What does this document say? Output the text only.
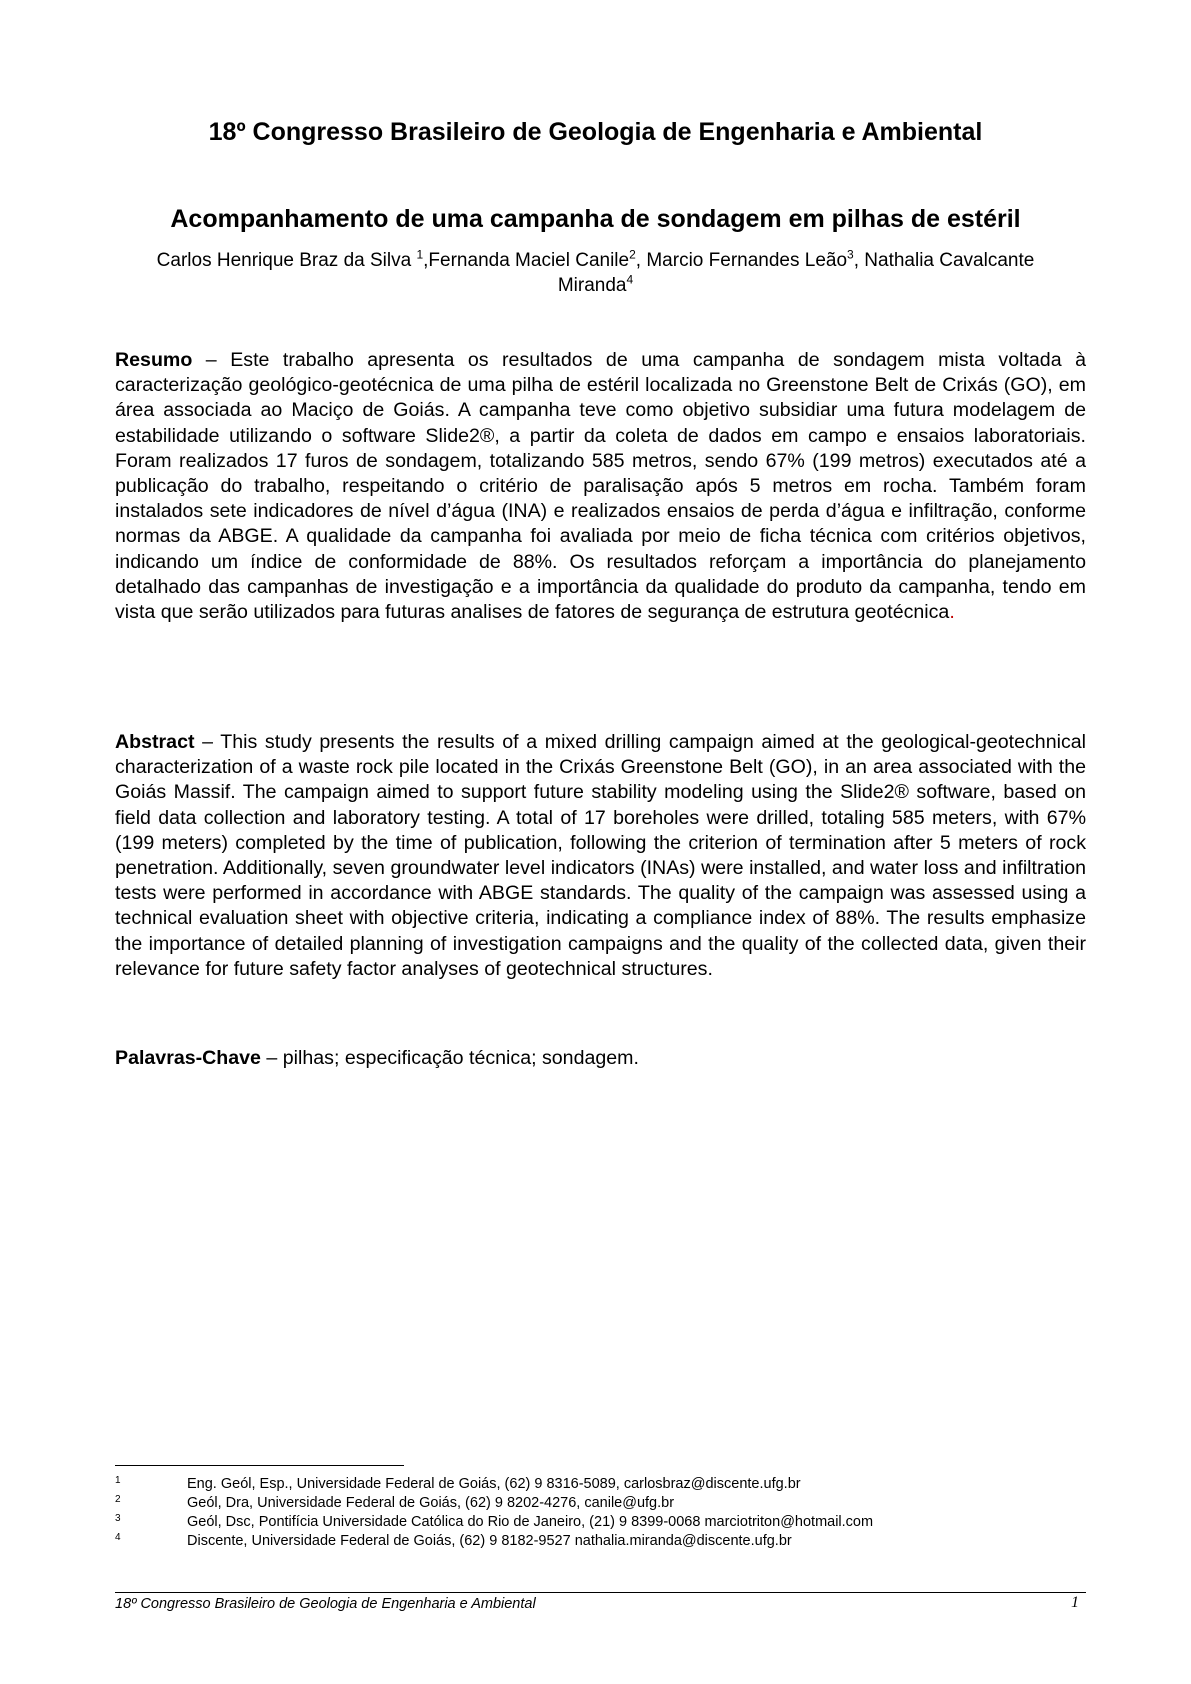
18º Congresso Brasileiro de Geologia de Engenharia e Ambiental
Acompanhamento de uma campanha de sondagem em pilhas de estéril
Carlos Henrique Braz da Silva $^1$,Fernanda Maciel Canile$^2$, Marcio Fernandes Leão$^3$, Nathalia Cavalcante Miranda$^4$
Resumo – Este trabalho apresenta os resultados de uma campanha de sondagem mista voltada à caracterização geológico-geotécnica de uma pilha de estéril localizada no Greenstone Belt de Crixás (GO), em área associada ao Maciço de Goiás. A campanha teve como objetivo subsidiar uma futura modelagem de estabilidade utilizando o software Slide2®, a partir da coleta de dados em campo e ensaios laboratoriais. Foram realizados 17 furos de sondagem, totalizando 585 metros, sendo 67% (199 metros) executados até a publicação do trabalho, respeitando o critério de paralisação após 5 metros em rocha. Também foram instalados sete indicadores de nível d’água (INA) e realizados ensaios de perda d’água e infiltração, conforme normas da ABGE. A qualidade da campanha foi avaliada por meio de ficha técnica com critérios objetivos, indicando um índice de conformidade de 88%. Os resultados reforçam a importância do planejamento detalhado das campanhas de investigação e a importância da qualidade do produto da campanha, tendo em vista que serão utilizados para futuras analises de fatores de segurança de estrutura geotécnica.
Abstract – This study presents the results of a mixed drilling campaign aimed at the geological-geotechnical characterization of a waste rock pile located in the Crixás Greenstone Belt (GO), in an area associated with the Goiás Massif. The campaign aimed to support future stability modeling using the Slide2® software, based on field data collection and laboratory testing. A total of 17 boreholes were drilled, totaling 585 meters, with 67% (199 meters) completed by the time of publication, following the criterion of termination after 5 meters of rock penetration. Additionally, seven groundwater level indicators (INAs) were installed, and water loss and infiltration tests were performed in accordance with ABGE standards. The quality of the campaign was assessed using a technical evaluation sheet with objective criteria, indicating a compliance index of 88%. The results emphasize the importance of detailed planning of investigation campaigns and the quality of the collected data, given their relevance for future safety factor analyses of geotechnical structures.
Palavras-Chave – pilhas; especificação técnica; sondagem.
1	Eng. Geól, Esp., Universidade Federal de Goiás, (62) 9 8316-5089, carlosbraz@discente.ufg.br
2	Geól, Dra, Universidade Federal de Goiás, (62) 9 8202-4276, canile@ufg.br
3	Geól, Dsc, Pontifícia Universidade Católica do Rio de Janeiro, (21) 9 8399-0068 marciotriton@hotmail.com
4	Discente, Universidade Federal de Goiás, (62) 9 8182-9527 nathalia.miranda@discente.ufg.br
18º Congresso Brasileiro de Geologia de Engenharia e Ambiental	1
